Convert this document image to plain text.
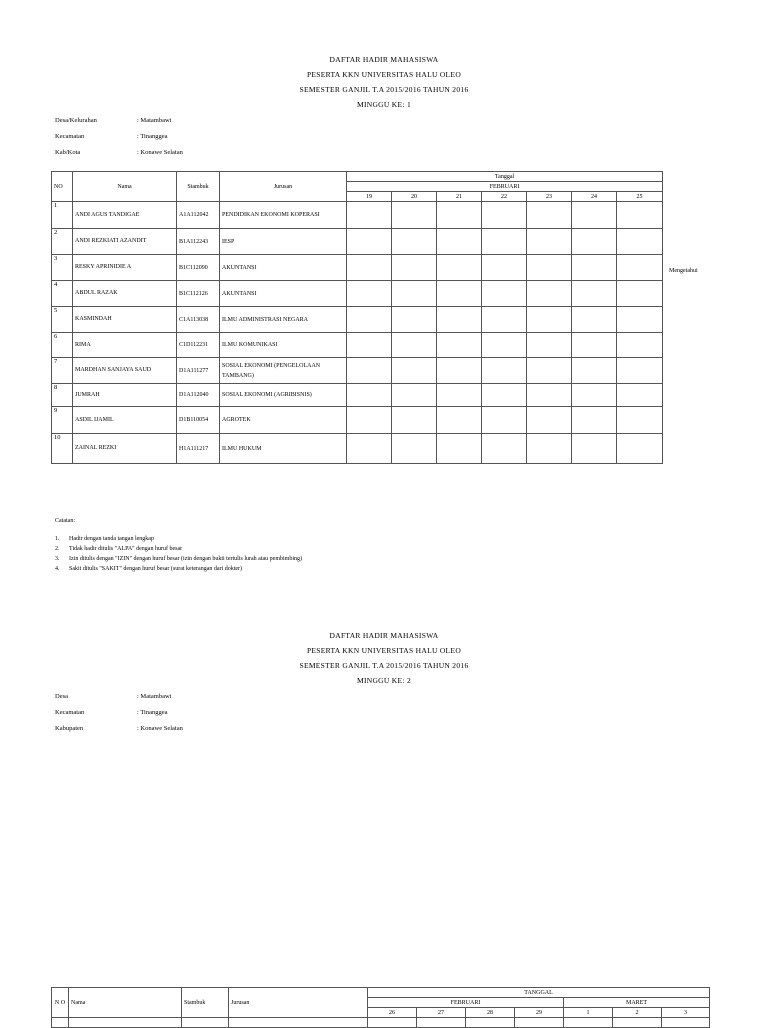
DAFTAR HADIR MAHASISWA
PESERTA KKN UNIVERSITAS HALU OLEO
SEMESTER GANJIL T.A 2015/2016 TAHUN 2016
MINGGU KE: 1
Desa/Kelurahan	: Matambawi
Kecamatan	: Tinanggea
Kab/Kota	: Konawe Selatan
NO	Nama	Stambuk	Jurusan	Tanggal						
				FEBRUARI						
				19	20	21	22	23	24	25
1	ANDI AGUS TANDIGAE	A1A112042	PENDIDIKAN EKONOMI KOPERASI							
2	ANDI REZKIATI AZANDIT	B1A112243	IESP							
3	RESKY APRINIDIE A	B1C112090	AKUNTANSI							
4	ABDUL RAZAK	B1C112126	AKUNTANSI							
5	KASMINDAH	C1A113038	ILMU ADMINISTRASI NEGARA							
6	RIMA	C1D112231	ILMU KOMUNIKASI							
7	MARDHAN SANJAYA SAUD	D1A111277	SOSIAL EKONOMI (PENGELOLAAN TAMBANG)							
8	JUMRAH	D1A112040	SOSIAL EKONOMI (AGRIBISNIS)							
9	ASDIL IJAMIL	D1B110054	AGROTEK							
10	ZAINAL REZKI	H1A111217	ILMU HUKUM							
Mengetahui
Catatan:
1.	Hadir dengan tanda tangan lengkap
2.	Tidak hadir ditulis "ALPA" dengan huruf besar
3.	Izin ditulis dengan "IZIN" dengan huruf besar (izin dengan bukti tertulis lurah atau pembimbing)
4.	Sakit ditulis "SAKIT" dengan huruf besar (surat keterangan dari dokter)
DAFTAR HADIR MAHASISWA
PESERTA KKN UNIVERSITAS HALU OLEO
SEMESTER GANJIL T.A 2015/2016 TAHUN 2016
MINGGU KE: 2
Desa	: Matambawi
Kecamatan	: Tinanggea
Kabupaten	: Konawe Selatan
N O	Nama	Stambuk	Jurusan	TANGGAL						
				FEBRUARI				MARET		
				26	27	28	29	1	2	3
